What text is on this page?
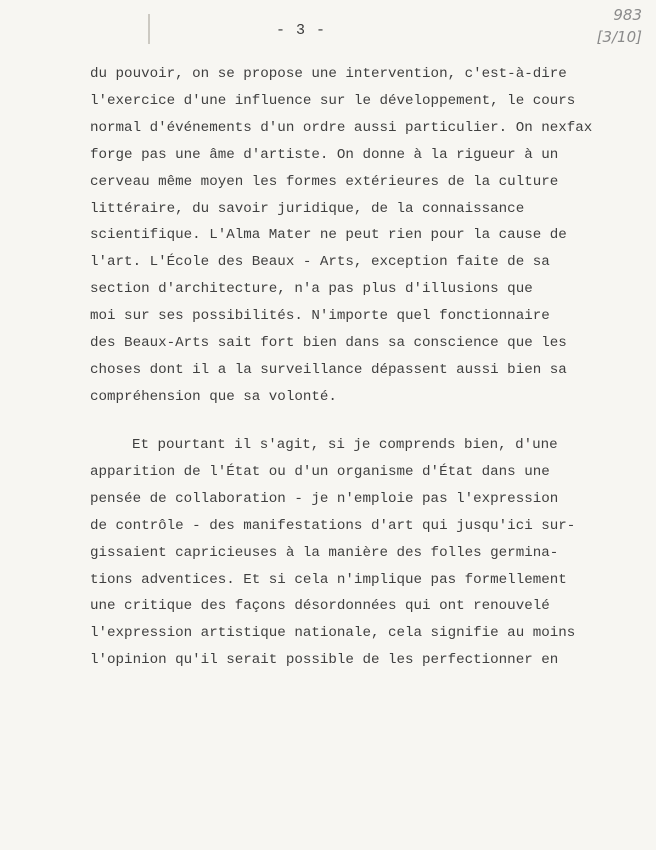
- 3 -
983
[3/10]
du pouvoir, on se propose une intervention, c'est-à-dire
l'exercice d'une influence sur le développement, le cours
normal d'événements d'un ordre aussi particulier. On nexfax
forge pas une âme d'artiste. On donne à la rigueur à un
cerveau même moyen les formes extérieures de la culture
littéraire, du savoir juridique, de la connaissance
scientifique. L'Alma Mater ne peut rien pour la cause de
l'art. L'École des Beaux - Arts, exception faite de sa
section d'architecture, n'a pas plus d'illusions que
moi sur ses possibilités. N'importe quel fonctionnaire
des Beaux-Arts sait fort bien dans sa conscience que les
choses dont il a la surveillance dépassent aussi bien sa
compréhension que sa volonté.
Et pourtant il s'agit, si je comprends bien, d'une
apparition de l'État ou d'un organisme d'État dans une
pensée de collaboration - je n'emploie pas l'expression
de contrôle - des manifestations d'art qui jusqu'ici sur-
gissaient capricieuses à la manière des folles germina-
tions adventices. Et si cela n'implique pas formellement
une critique des façons désordonnées qui ont renouvelé
l'expression artistique nationale, cela signifie au moins
l'opinion qu'il serait possible de les perfectionner en
